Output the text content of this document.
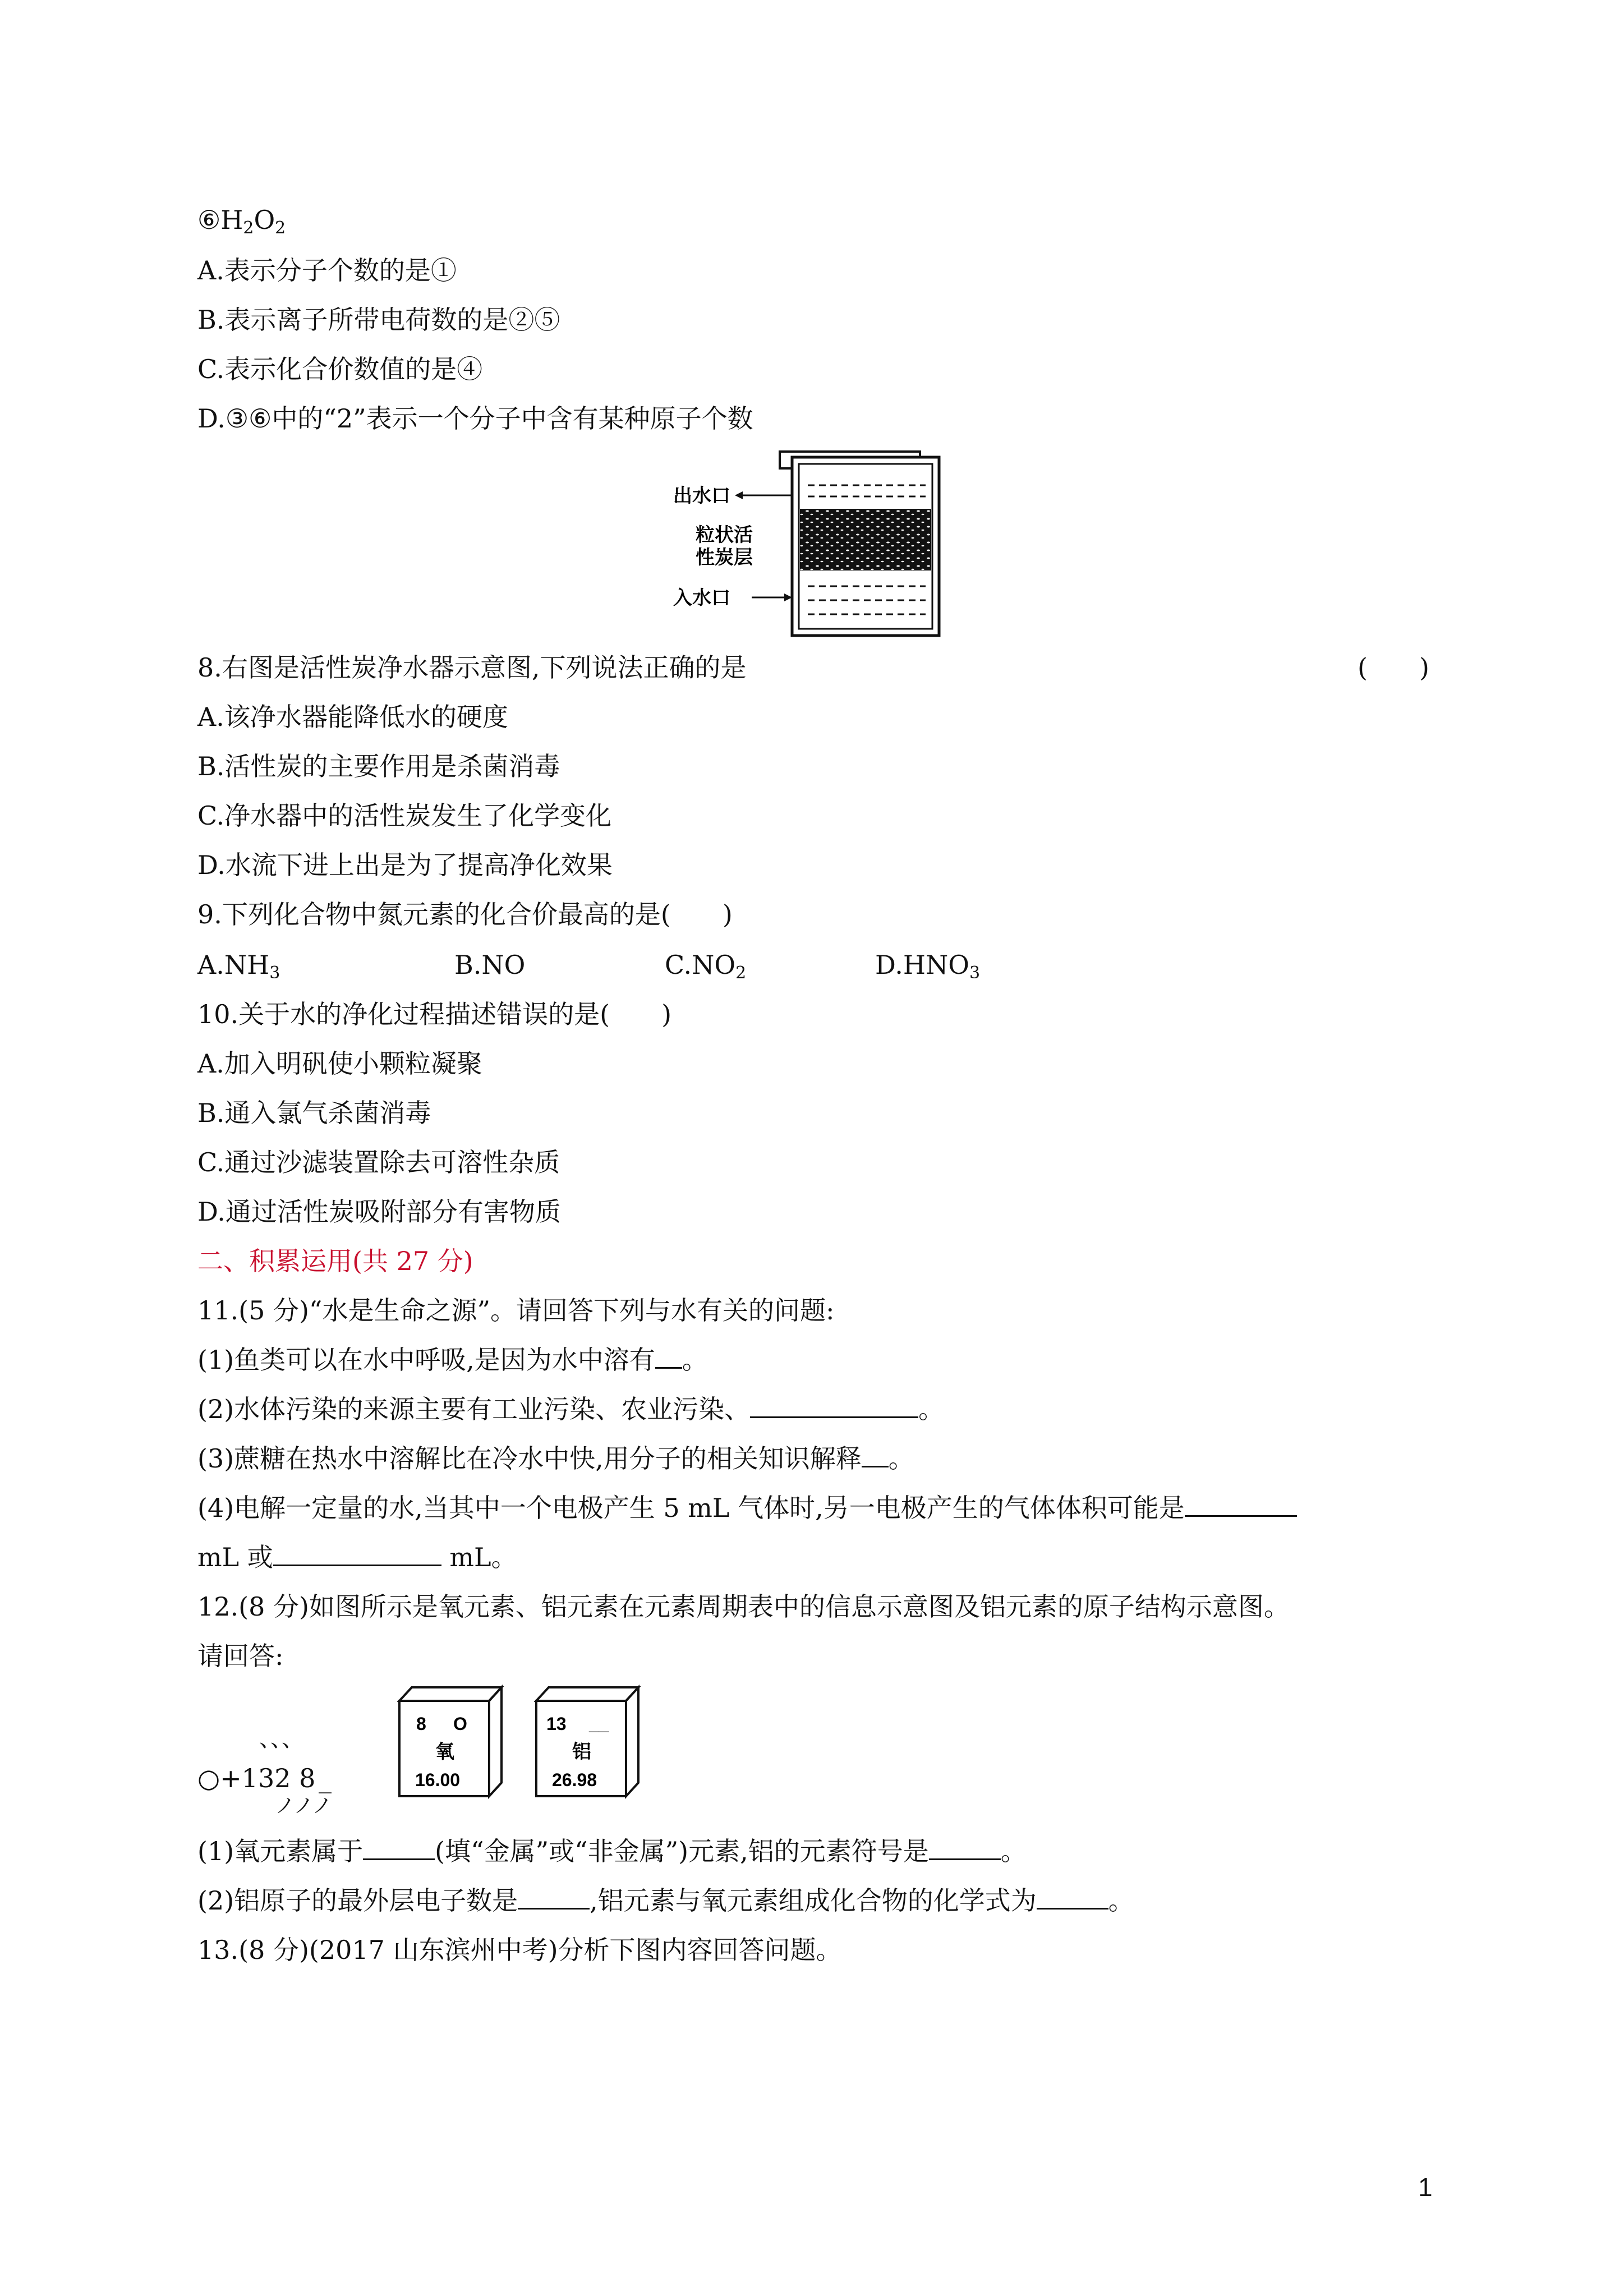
$⑥H_2O_2$
A.表示分子个数的是①
B.表示离子所带电荷数的是②⑤
C.表示化合价数值的是④
D.③⑥中的“2”表示一个分子中含有某种原子个数
出水口
粒状活
性炭层
入水口
8.右图是活性炭净水器示意图,下列说法正确的是	(　　)
A.该净水器能降低水的硬度
B.活性炭的主要作用是杀菌消毒
C.净水器中的活性炭发生了化学变化
D.水流下进上出是为了提高净化效果
9.下列化合物中氮元素的化合价最高的是(　　)
$A.NH_3$	B.NO	$C.NO_2$	$D.HNO_3$
10.关于水的净化过程描述错误的是(　　)
A.加入明矾使小颗粒凝聚
B.通入氯气杀菌消毒
C.通过沙滤装置除去可溶性杂质
D.通过活性炭吸附部分有害物质
二、积累运用(共 27 分)
11.(5 分)“水是生命之源”。请回答下列与水有关的问题:
(1)鱼类可以在水中呼吸,是因为水中溶有 。
(2)水体污染的来源主要有工业污染、农业污染、	。
(3)蔗糖在热水中溶解比在冷水中快,用分子的相关知识解释 。
(4)电解一定量的水,当其中一个电极产生 5 mL 气体时,另一电极产生的气体体积可能是
mL 或	mL。
12.(8 分)如图所示是氧元素、铝元素在元素周期表中的信息示意图及铝元素的原子结构示意图。
请回答:
、、、
○+132 8 _
ノノノ
8 O
氧
16.00
13 __
铝
26.98
(1)氧元素属于	(填“金属”或“非金属”)元素,铝的元素符号是	。
(2)铝原子的最外层电子数是	,铝元素与氧元素组成化合物的化学式为	。
13.(8 分)(2017 山东滨州中考)分析下图内容回答问题。
1
